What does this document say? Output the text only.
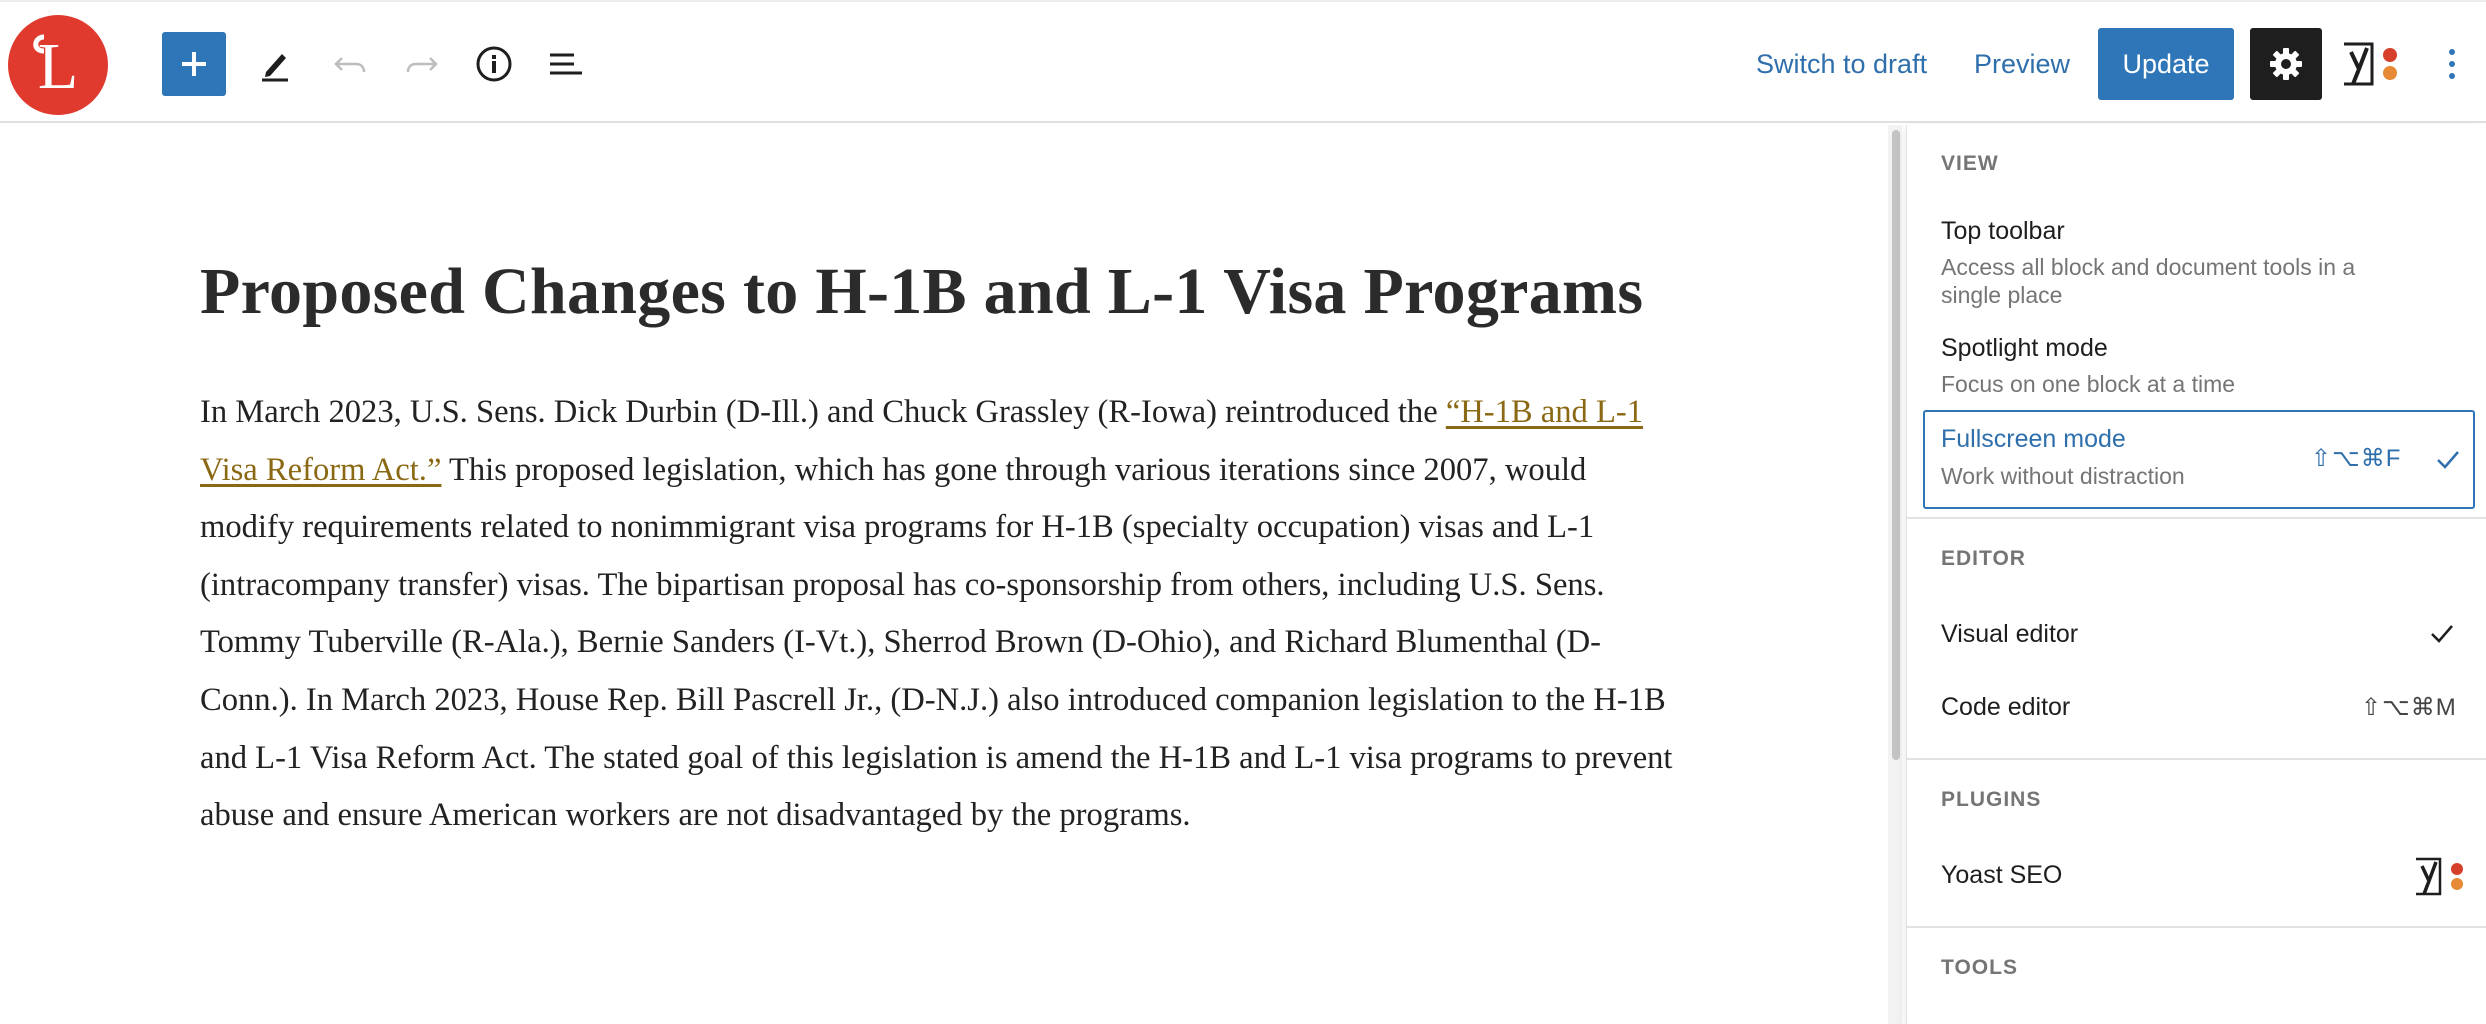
L	Switch to draft Preview	Update
Proposed Changes to H-1B and L-1 Visa Programs

In March 2023, U.S. Sens. Dick Durbin (D-Ill.) and Chuck Grassley (R-Iowa) reintroduced the “H-1B and L-1 Visa Reform Act.” This proposed legislation, which has gone through various iterations since 2007, would modify requirements related to nonimmigrant visa programs for H-1B (specialty occupation) visas and L-1 (intracompany transfer) visas. The bipartisan proposal has co-sponsorship from others, including U.S. Sens. Tommy Tuberville (R-Ala.), Bernie Sanders (I-Vt.), Sherrod Brown (D-Ohio), and Richard Blumenthal (D-Conn.). In March 2023, House Rep. Bill Pascrell Jr., (D-N.J.) also introduced companion legislation to the H-1B and L-1 Visa Reform Act. The stated goal of this legislation is amend the H-1B and L-1 visa programs to prevent abuse and ensure American workers are not disadvantaged by the programs.

VIEW
Top toolbar
Access all block and document tools in a single place
Spotlight mode
Focus on one block at a time
Fullscreen mode
Work without distraction
⇧⌥⌘F
EDITOR
Visual editor
Code editor	⇧⌥⌘M
PLUGINS
Yoast SEO
TOOLS
